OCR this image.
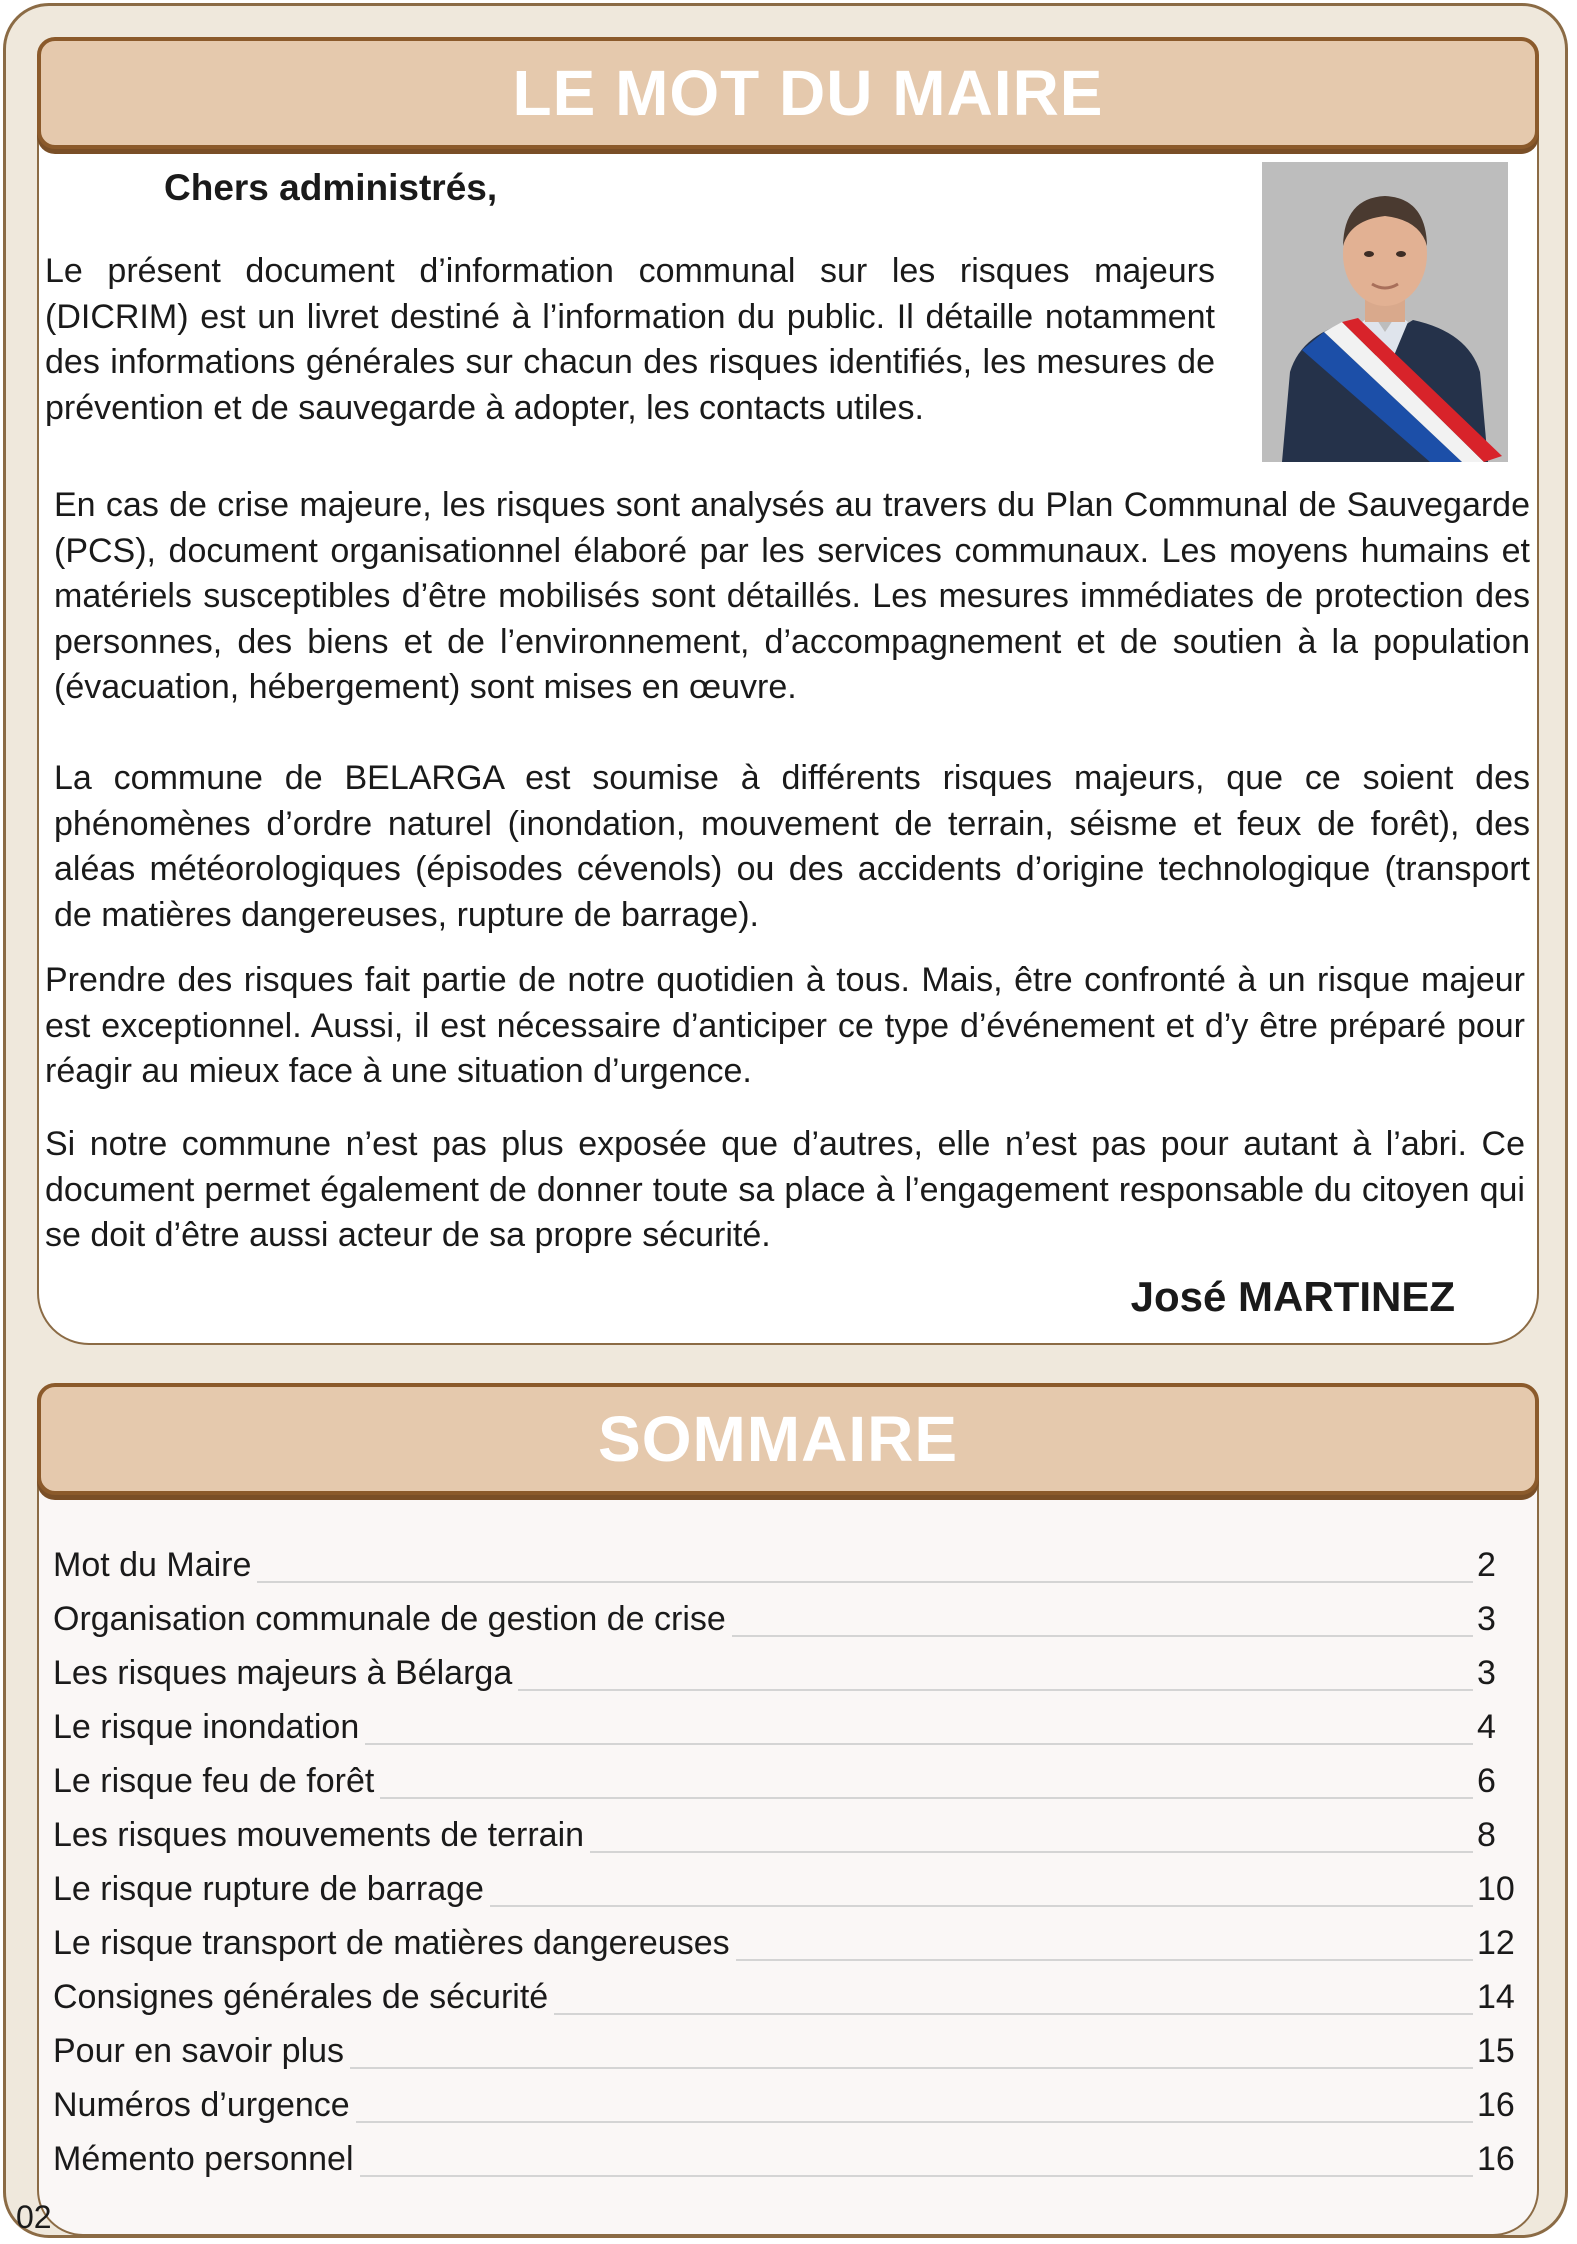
LE MOT DU MAIRE

Chers administrés,

Le présent document d’information communal sur les risques majeurs (DICRIM) est un livret destiné à l’information du public. Il détaille notamment des informations générales sur chacun des risques identifiés, les mesures de prévention et de sauvegarde à adopter, les contacts utiles.

En cas de crise majeure, les risques sont analysés au travers du Plan Communal de Sauvegarde (PCS), document organisationnel élaboré par les services communaux. Les moyens humains et matériels susceptibles d’être mobilisés sont détaillés. Les mesures immédiates de protection des personnes, des biens et de l’environnement, d’accompagnement et de soutien à la population (évacuation, hébergement) sont mises en œuvre.

La commune de BELARGA est soumise à différents risques majeurs, que ce soient des phénomènes d’ordre naturel (inondation, mouvement de terrain, séisme et feux de forêt), des aléas météorologiques (épisodes cévenols) ou des accidents d’origine technologique (transport de matières dangereuses, rupture de barrage).

Prendre des risques fait partie de notre quotidien à tous. Mais, être confronté à un risque majeur est exceptionnel. Aussi, il est nécessaire d’anticiper ce type d’événement et d’y être préparé pour réagir au mieux face à une situation d’urgence.

Si notre commune n’est pas plus exposée que d’autres, elle n’est pas pour autant à l’abri. Ce document permet également de donner toute sa place à l’engagement responsable du citoyen qui se doit d’être aussi acteur de sa propre sécurité.

José MARTINEZ

SOMMAIRE
Mot du Maire	2
Organisation communale de gestion de crise	3
Les risques majeurs à Bélarga	3
Le risque inondation	4
Le risque feu de forêt	6
Les risques mouvements de terrain	8
Le risque rupture de barrage	10
Le risque transport de matières dangereuses	12
Consignes générales de sécurité	14
Pour en savoir plus	15
Numéros d’urgence	16
Mémento personnel	16

02
